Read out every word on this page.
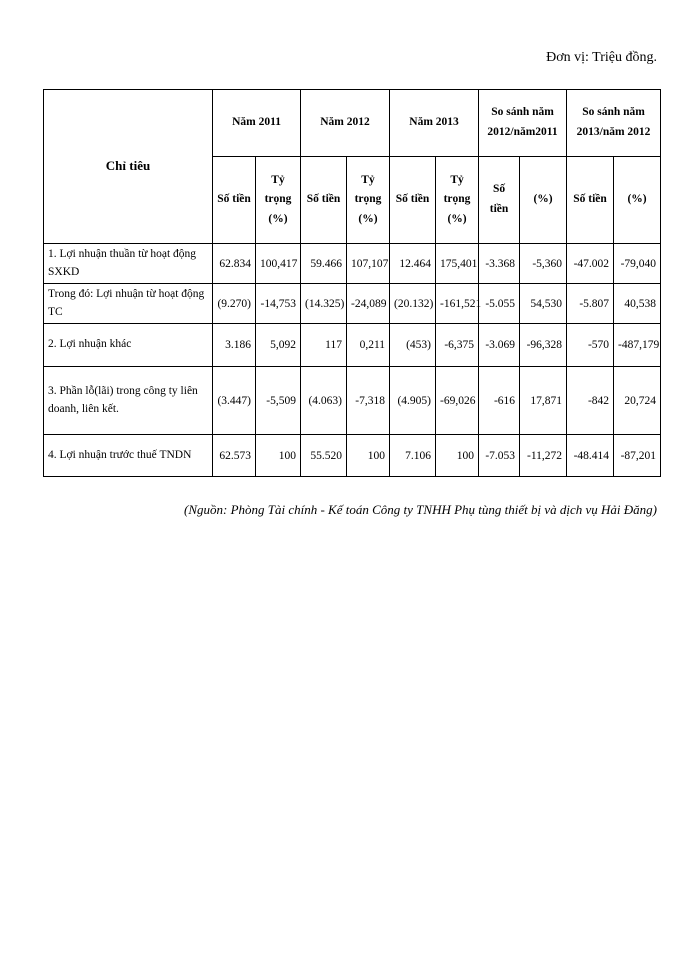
Đơn vị: Triệu đồng.
Chỉ tiêu	Năm 2011		Năm 2012		Năm 2013		So sánh năm 2012/năm2011		So sánh năm 2013/năm 2012	
	Số tiền	Tỷ trọng (%)	Số tiền	Tỷ trọng (%)	Số tiền	Tỷ trọng (%)	Số tiền	(%)	Số tiền	(%)
1. Lợi nhuận thuần từ hoạt động SXKD	62.834	100,417	59.466	107,107	12.464	175,401	-3.368	-5,360	-47.002	-79,040
Trong đó: Lợi nhuận từ hoạt động TC	(9.270)	-14,753	(14.325)	-24,089	(20.132)	-161,521	-5.055	54,530	-5.807	40,538
2. Lợi nhuận khác	3.186	5,092	117	0,211	(453)	-6,375	-3.069	-96,328	-570	-487,179
3. Phần lỗ(lãi) trong công ty liên doanh, liên kết.	(3.447)	-5,509	(4.063)	-7,318	(4.905)	-69,026	-616	17,871	-842	20,724
4. Lợi nhuận trước thuế TNDN	62.573	100	55.520	100	7.106	100	-7.053	-11,272	-48.414	-87,201
(Nguồn: Phòng Tài chính - Kế toán Công ty TNHH Phụ tùng thiết bị và dịch vụ Hải Đăng)
